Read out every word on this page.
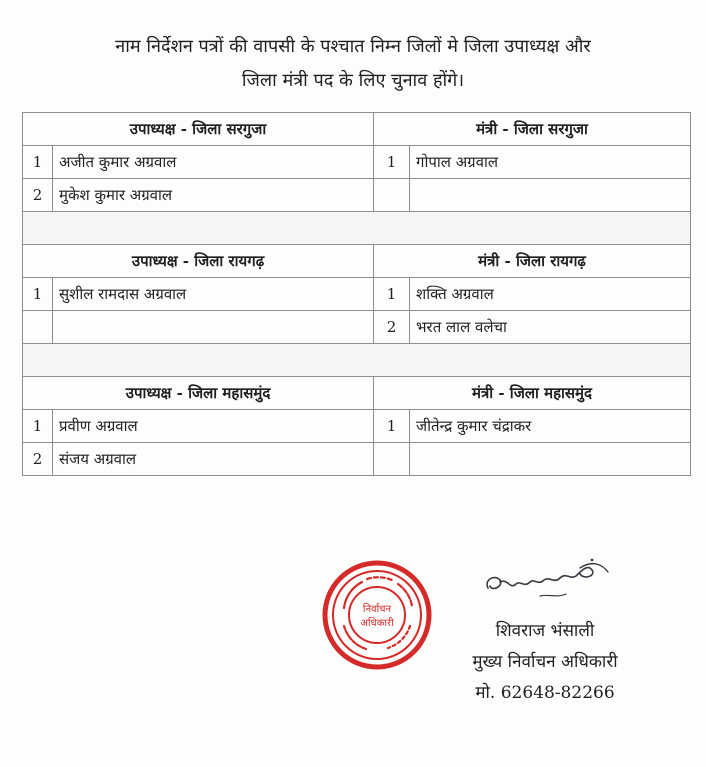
नाम निर्देशन पत्रों की वापसी के पश्चात निम्न जिलों मे जिला उपाध्यक्ष और
जिला मंत्री पद के लिए चुनाव होंगे।
उपाध्यक्ष - जिला सरगुजा		मंत्री - जिला सरगुजा	
1	अजीत कुमार अग्रवाल	1	गोपाल अग्रवाल
2	मुकेश कुमार अग्रवाल		

उपाध्यक्ष - जिला रायगढ़		मंत्री - जिला रायगढ़	
1	सुशील रामदास अग्रवाल	1	शक्ति अग्रवाल
		2	भरत लाल वलेचा

उपाध्यक्ष - जिला महासमुंद		मंत्री - जिला महासमुंद	
1	प्रवीण अग्रवाल	1	जीतेन्द्र कुमार चंद्राकर
2	संजय अग्रवाल		
निर्वाचन
अधिकारी	शिवराज भंसाली
मुख्य निर्वाचन अधिकारी
मो. 62648-82266
